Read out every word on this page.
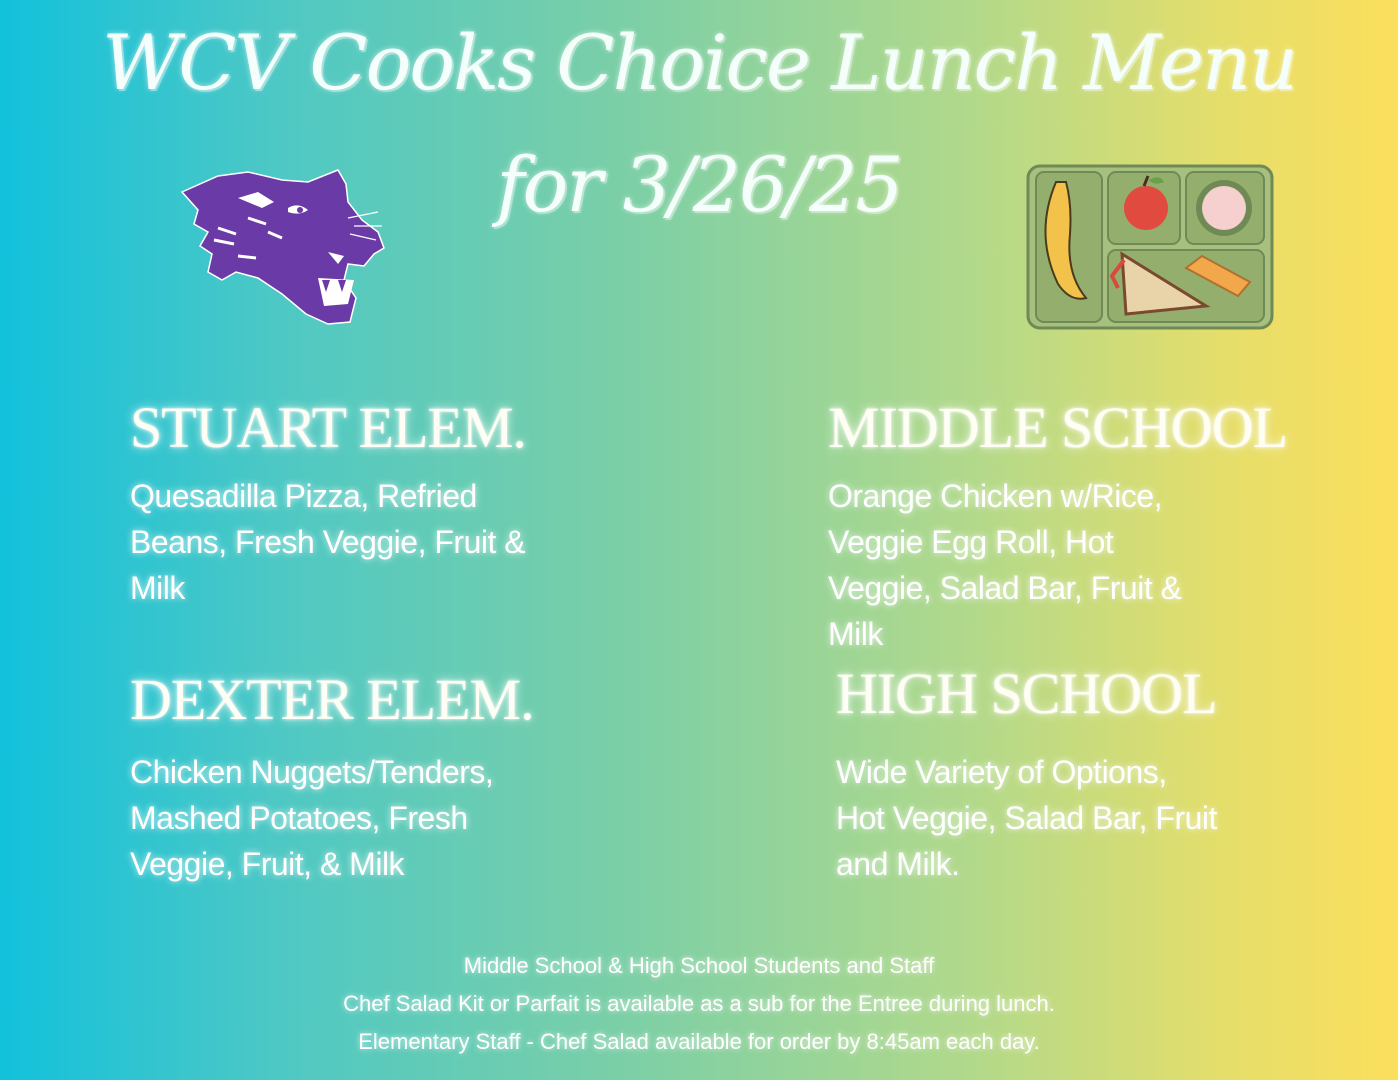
WCV Cooks Choice Lunch Menu
for 3/26/25
STUART ELEM.
Quesadilla Pizza, Refried
Beans, Fresh Veggie, Fruit &
Milk
MIDDLE SCHOOL
Orange Chicken w/Rice,
Veggie Egg Roll, Hot
Veggie, Salad Bar, Fruit &
Milk
DEXTER ELEM.
Chicken Nuggets/Tenders,
Mashed Potatoes, Fresh
Veggie, Fruit, & Milk
HIGH SCHOOL
Wide Variety of Options,
Hot Veggie, Salad Bar, Fruit
and Milk.
Middle School & High School Students and Staff
Chef Salad Kit or Parfait is available as a sub for the Entree during lunch.
Elementary Staff - Chef Salad available for order by 8:45am each day.
